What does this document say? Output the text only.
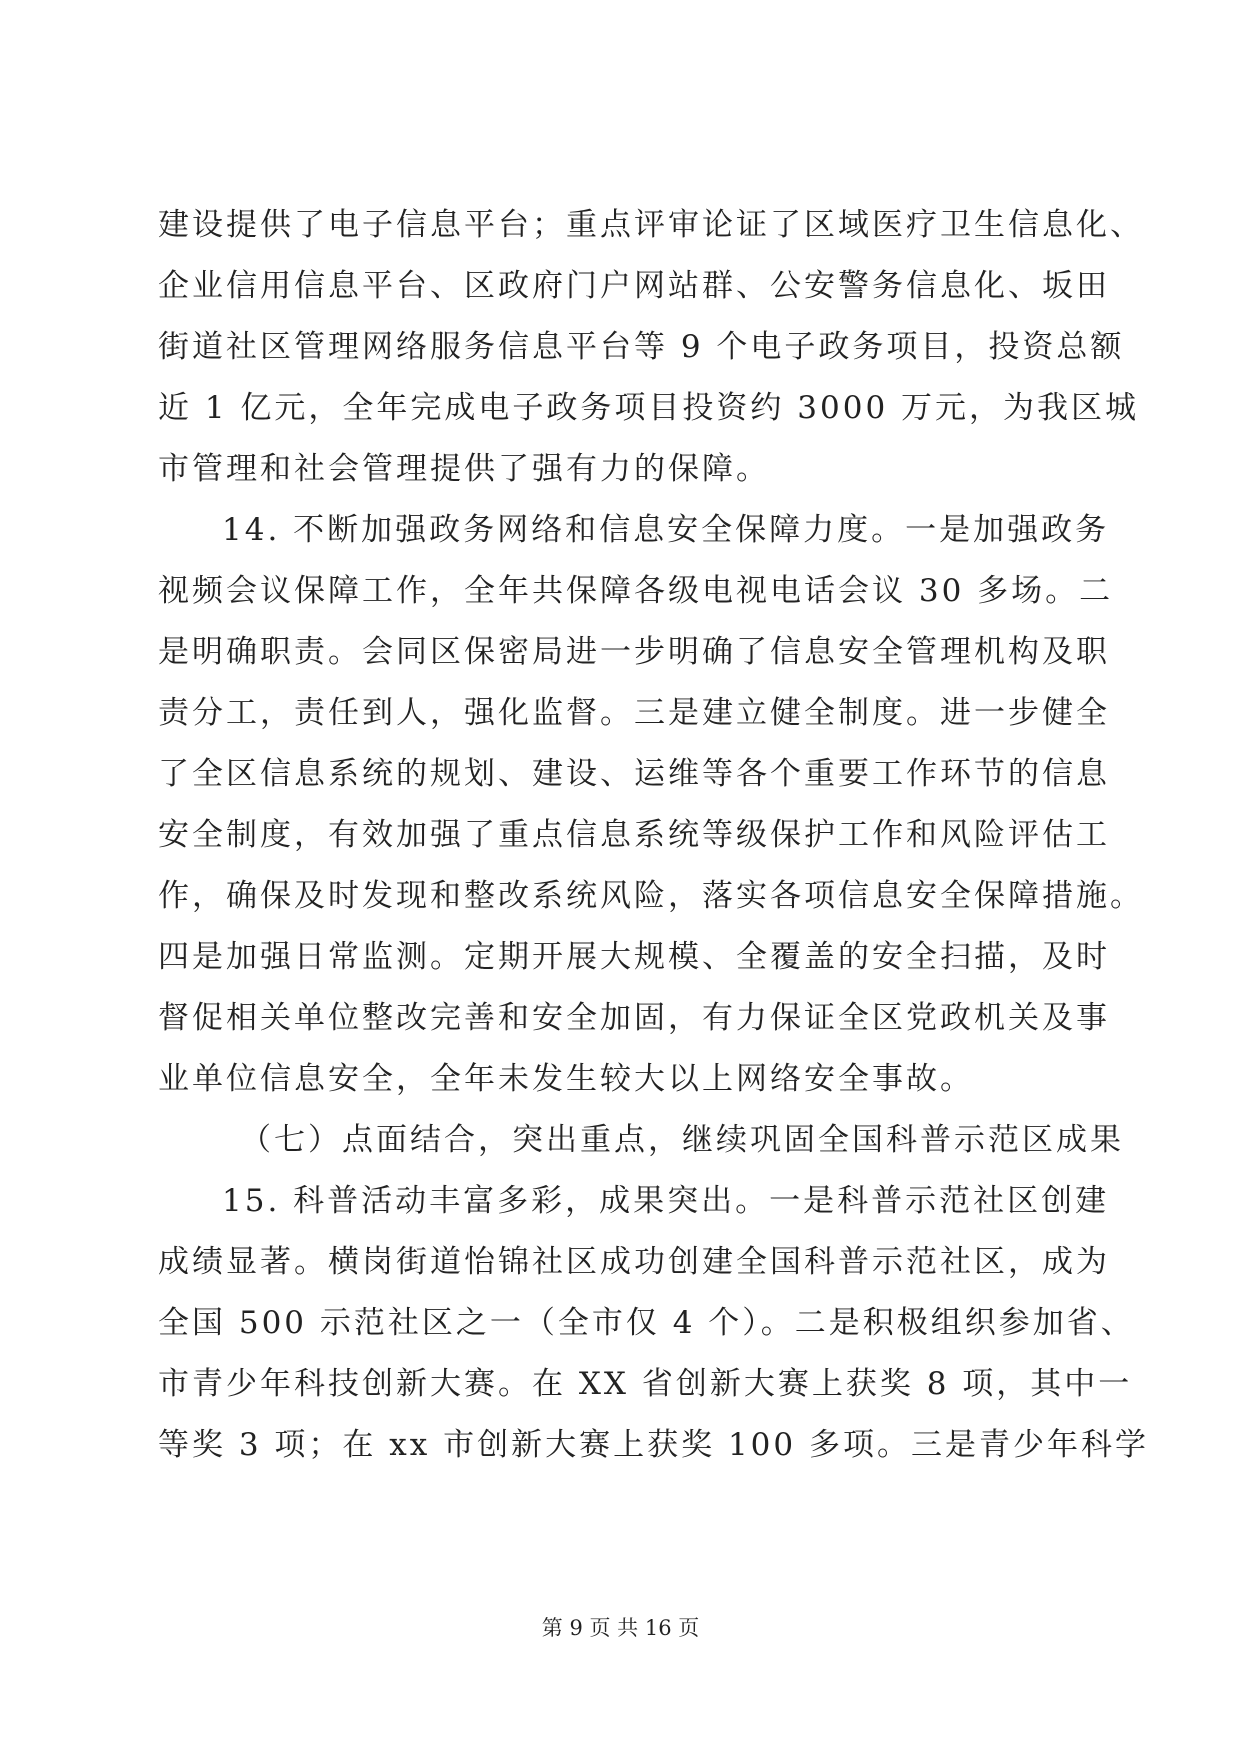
建设提供了电子信息平台；重点评审论证了区域医疗卫生信息化、
企业信用信息平台、区政府门户网站群、公安警务信息化、坂田
街道社区管理网络服务信息平台等 9 个电子政务项目，投资总额
近 1 亿元，全年完成电子政务项目投资约 3000 万元，为我区城
市管理和社会管理提供了强有力的保障。
14. 不断加强政务网络和信息安全保障力度。一是加强政务
视频会议保障工作，全年共保障各级电视电话会议 30 多场。二
是明确职责。会同区保密局进一步明确了信息安全管理机构及职
责分工，责任到人，强化监督。三是建立健全制度。进一步健全
了全区信息系统的规划、建设、运维等各个重要工作环节的信息
安全制度，有效加强了重点信息系统等级保护工作和风险评估工
作，确保及时发现和整改系统风险，落实各项信息安全保障措施。
四是加强日常监测。定期开展大规模、全覆盖的安全扫描，及时
督促相关单位整改完善和安全加固，有力保证全区党政机关及事
业单位信息安全，全年未发生较大以上网络安全事故。
（七）点面结合，突出重点，继续巩固全国科普示范区成果
15. 科普活动丰富多彩，成果突出。一是科普示范社区创建
成绩显著。横岗街道怡锦社区成功创建全国科普示范社区，成为
全国 500 示范社区之一（全市仅 4 个）。二是积极组织参加省、
市青少年科技创新大赛。在 XX 省创新大赛上获奖 8 项，其中一
等奖 3 项；在 xx 市创新大赛上获奖 100 多项。三是青少年科学
第 9 页 共 16 页
